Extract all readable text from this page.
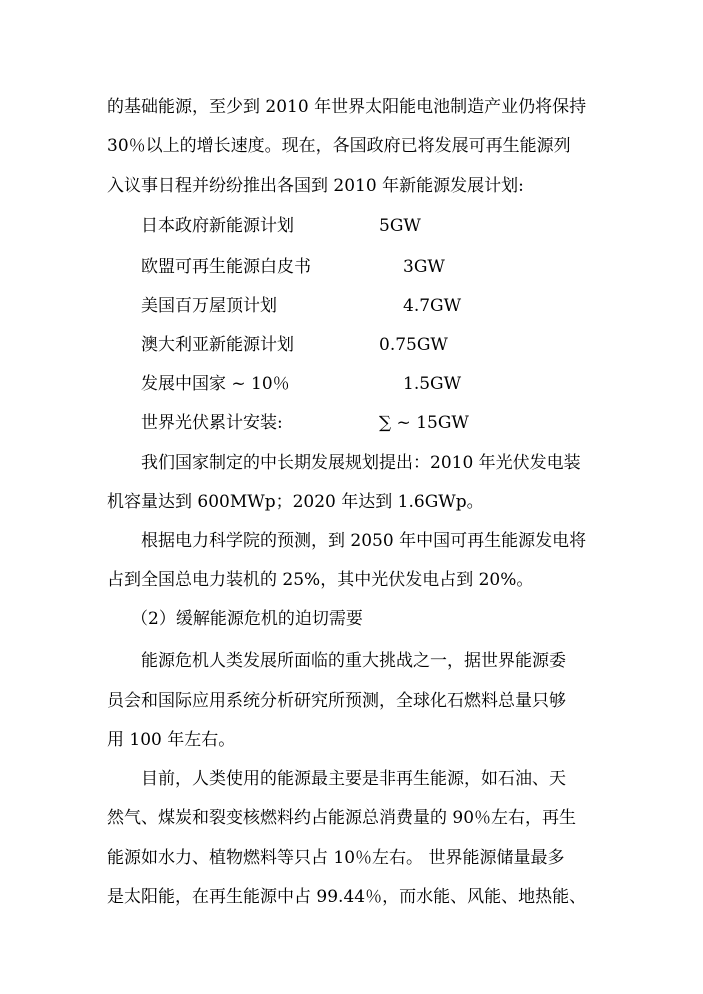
的基础能源，至少到 2010 年世界太阳能电池制造产业仍将保持
30％以上的增长速度。现在，各国政府已将发展可再生能源列
入议事日程并纷纷推出各国到 2010 年新能源发展计划:
日本政府新能源计划	5GW
欧盟可再生能源白皮书	3GW
美国百万屋顶计划	4.7GW
澳大利亚新能源计划	0.75GW
发展中国家 ~ 10％	1.5GW
世界光伏累计安装:	∑ ~ 15GW
我们国家制定的中长期发展规划提出：2010 年光伏发电装
机容量达到 600MWp；2020 年达到 1.6GWp。
根据电力科学院的预测，到 2050 年中国可再生能源发电将
占到全国总电力装机的 25%，其中光伏发电占到 20%。
（2）缓解能源危机的迫切需要
能源危机人类发展所面临的重大挑战之一，据世界能源委
员会和国际应用系统分析研究所预测，全球化石燃料总量只够
用 100 年左右。
目前，人类使用的能源最主要是非再生能源，如石油、天
然气、煤炭和裂变核燃料约占能源总消费量的 90％左右，再生
能源如水力、植物燃料等只占 10％左右。 世界能源储量最多
是太阳能，在再生能源中占 99.44％，而水能、风能、地热能、
